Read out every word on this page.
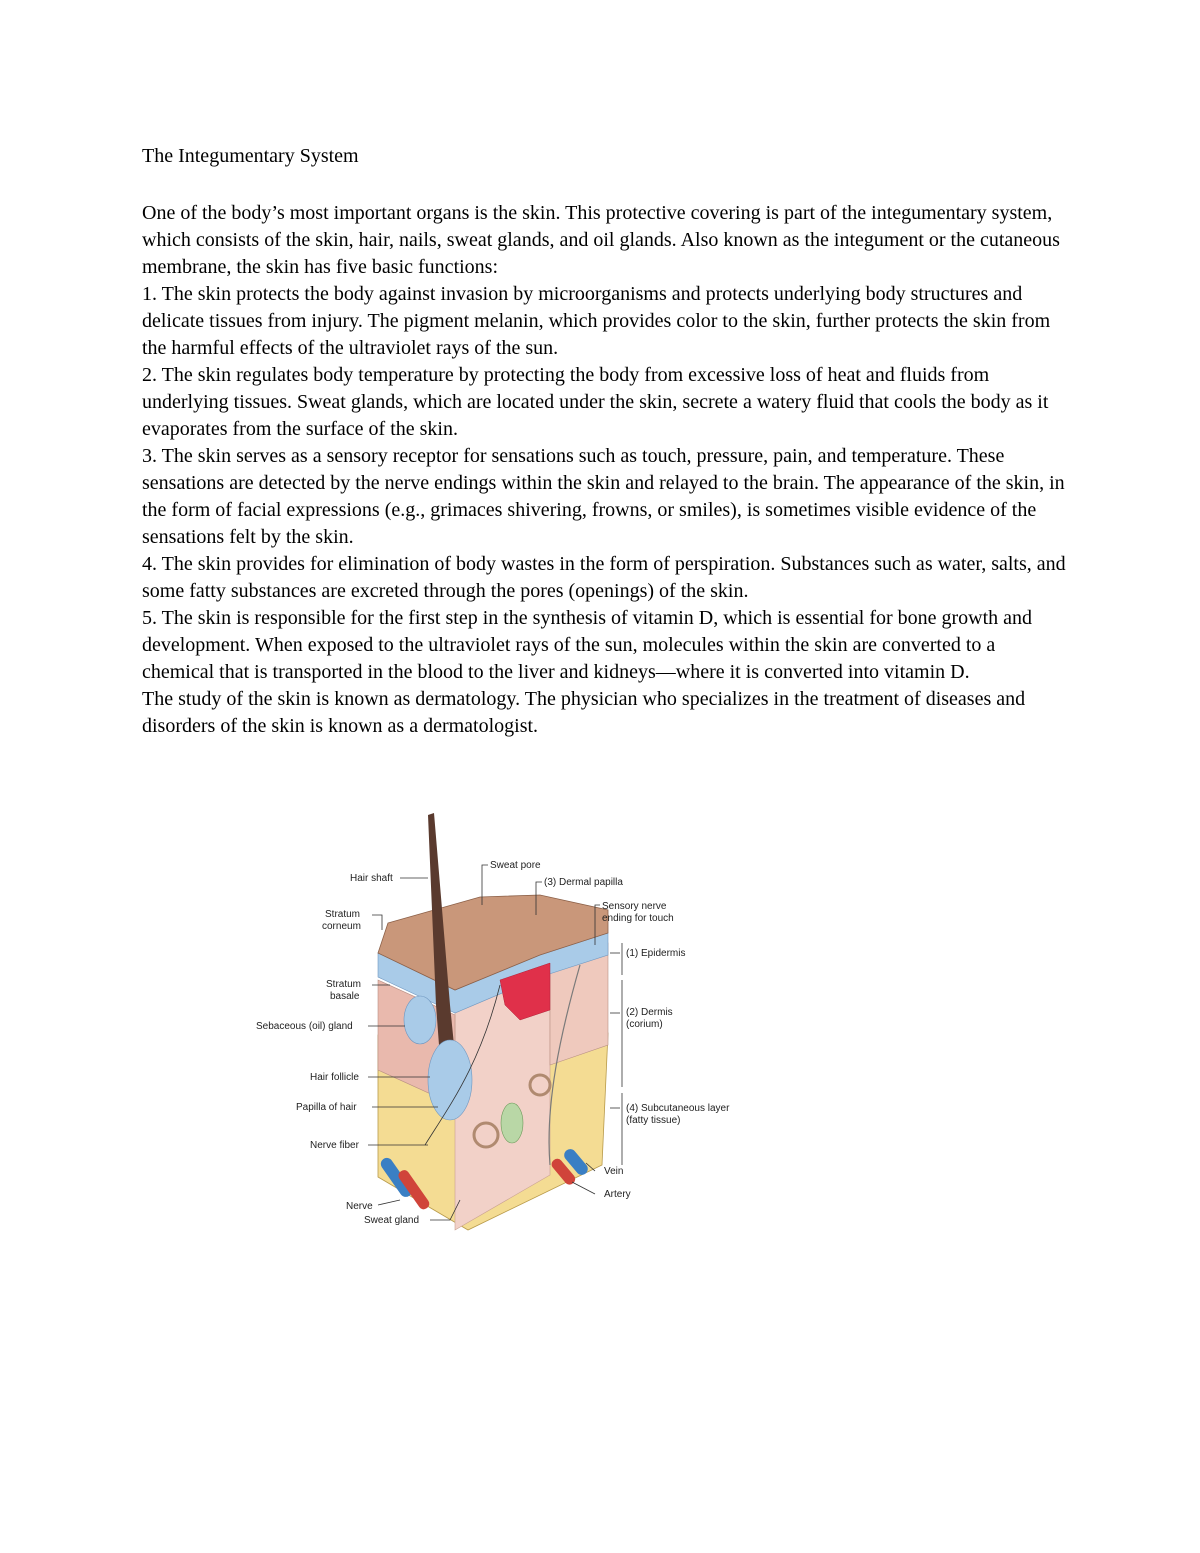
The Integumentary System

One of the body’s most important organs is the skin. This protective covering is part of the integumentary system, which consists of the skin, hair, nails, sweat glands, and oil glands. Also known as the integument or the cutaneous membrane, the skin has five basic functions:

1. The skin protects the body against invasion by microorganisms and protects underlying body structures and delicate tissues from injury. The pigment melanin, which provides color to the skin, further protects the skin from the harmful effects of the ultraviolet rays of the sun.

2. The skin regulates body temperature by protecting the body from excessive loss of heat and fluids from underlying tissues. Sweat glands, which are located under the skin, secrete a watery fluid that cools the body as it evaporates from the surface of the skin.

3. The skin serves as a sensory receptor for sensations such as touch, pressure, pain, and temperature. These sensations are detected by the nerve endings within the skin and relayed to the brain. The appearance of the skin, in the form of facial expressions (e.g., grimaces shivering, frowns, or smiles), is sometimes visible evidence of the sensations felt by the skin.

4. The skin provides for elimination of body wastes in the form of perspiration. Substances such as water, salts, and some fatty substances are excreted through the pores (openings) of the skin.

5. The skin is responsible for the first step in the synthesis of vitamin D, which is essential for bone growth and development. When exposed to the ultraviolet rays of the sun, molecules within the skin are converted to a chemical that is transported in the blood to the liver and kidneys—where it is converted into vitamin D.

The study of the skin is known as dermatology. The physician who specializes in the treatment of diseases and disorders of the skin is known as a dermatologist.

Hair shaft
Stratum
corneum
Stratum
basale
Sebaceous (oil) gland
Hair follicle
Papilla of hair
Nerve fiber
Nerve
Sweat gland
Sweat pore
(3) Dermal papilla
Sensory nerve
ending for touch
(1) Epidermis
(2) Dermis
(corium)
(4) Subcutaneous layer
(fatty tissue)
Vein
Artery
